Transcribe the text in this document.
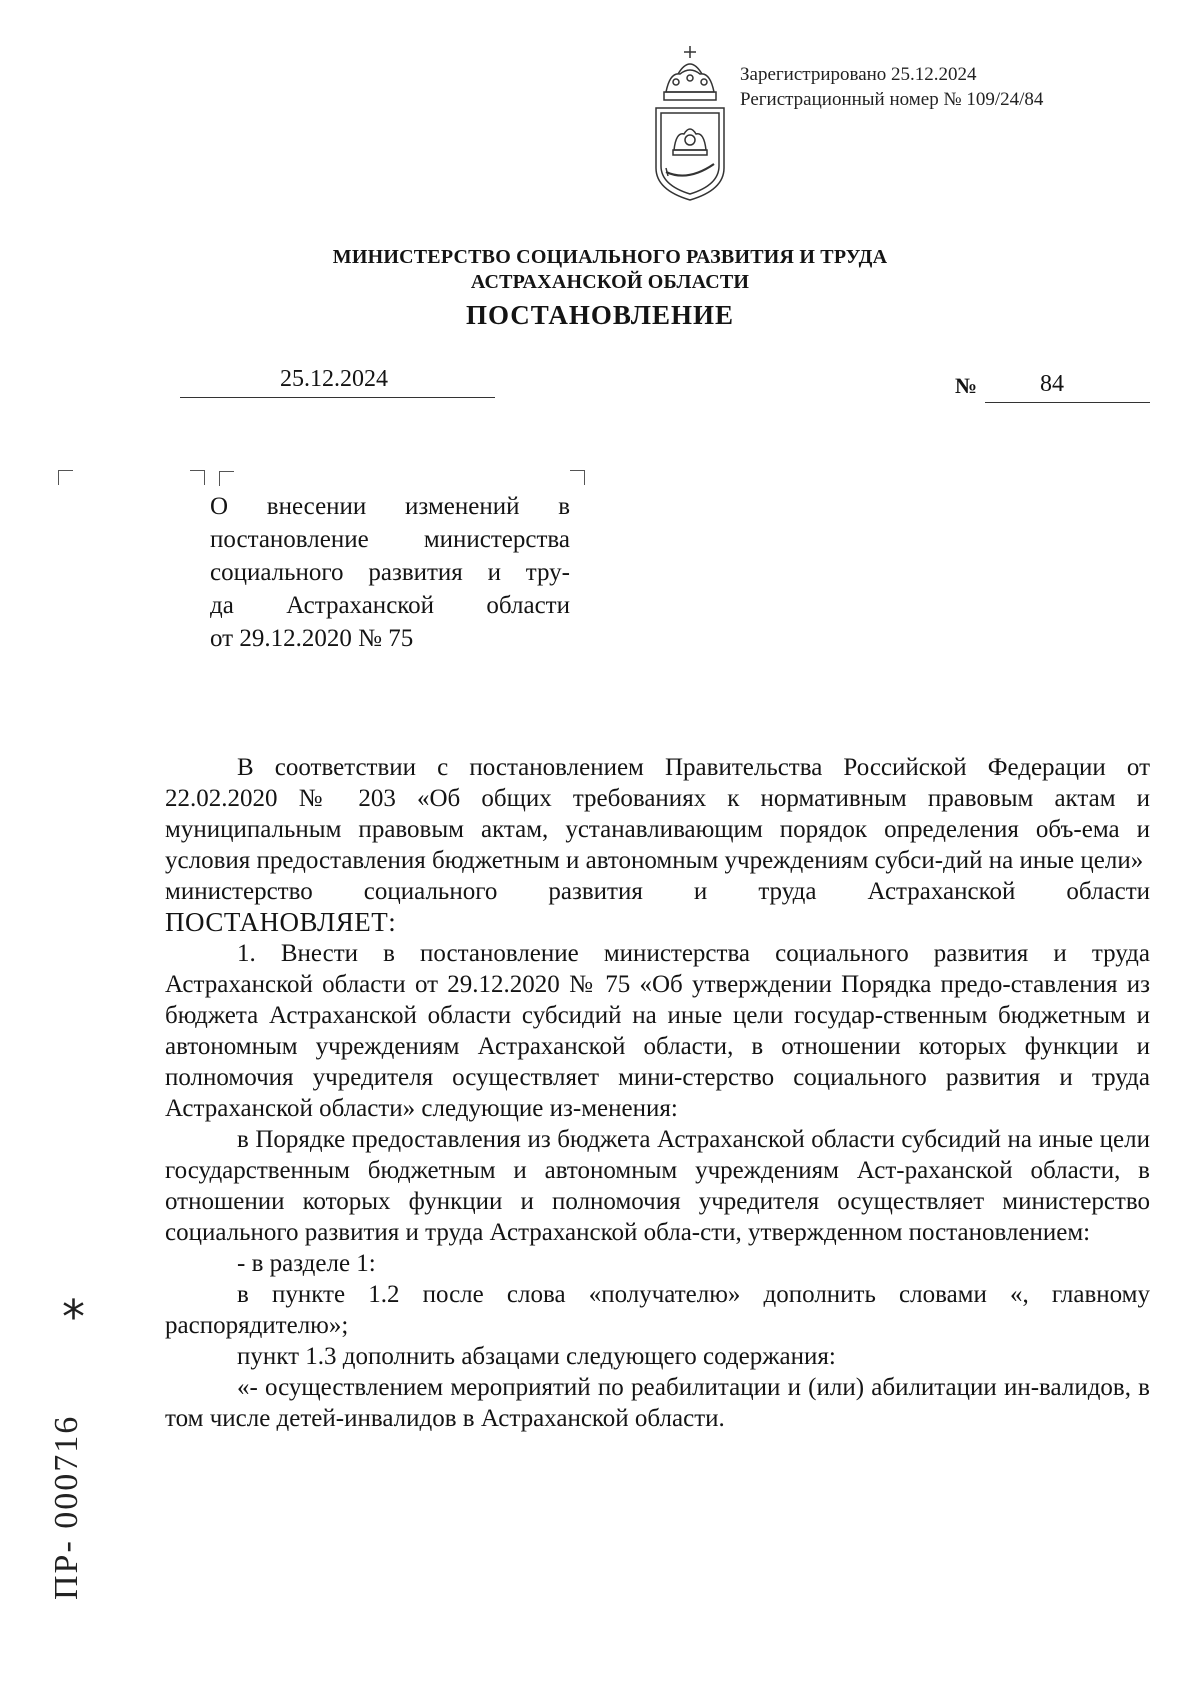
Зарегистрировано 25.12.2024
Регистрационный номер № 109/24/84
МИНИСТЕРСТВО СОЦИАЛЬНОГО РАЗВИТИЯ И ТРУДА
АСТРАХАНСКОЙ ОБЛАСТИ
ПОСТАНОВЛЕНИЕ
25.12.2024	№	84
О внесении изменений в
постановление министерства
социального развития и тру-
да Астраханской области
от 29.12.2020 № 75

В соответствии с постановлением Правительства Российской Федерации от 22.02.2020 № 203 «Об общих требованиях к нормативным правовым актам и муниципальным правовым актам, устанавливающим порядок определения объ-ема и условия предоставления бюджетным и автономным учреждениям субси-дий на иные цели»

министерство социального развития и труда Астраханской области

ПОСТАНОВЛЯЕТ:

1. Внести в постановление министерства социального развития и труда Астраханской области от 29.12.2020 № 75 «Об утверждении Порядка предо-ставления из бюджета Астраханской области субсидий на иные цели государ-ственным бюджетным и автономным учреждениям Астраханской области, в отношении которых функции и полномочия учредителя осуществляет мини-стерство социального развития и труда Астраханской области» следующие из-менения:

в Порядке предоставления из бюджета Астраханской области субсидий на иные цели государственным бюджетным и автономным учреждениям Аст-раханской области, в отношении которых функции и полномочия учредителя осуществляет министерство социального развития и труда Астраханской обла-сти, утвержденном постановлением:

- в разделе 1:

в пункте 1.2 после слова «получателю» дополнить словами «, главному распорядителю»;

пункт 1.3 дополнить абзацами следующего содержания:

«- осуществлением мероприятий по реабилитации и (или) абилитации ин-валидов, в том числе детей-инвалидов в Астраханской области.

*
ПР- 000716
